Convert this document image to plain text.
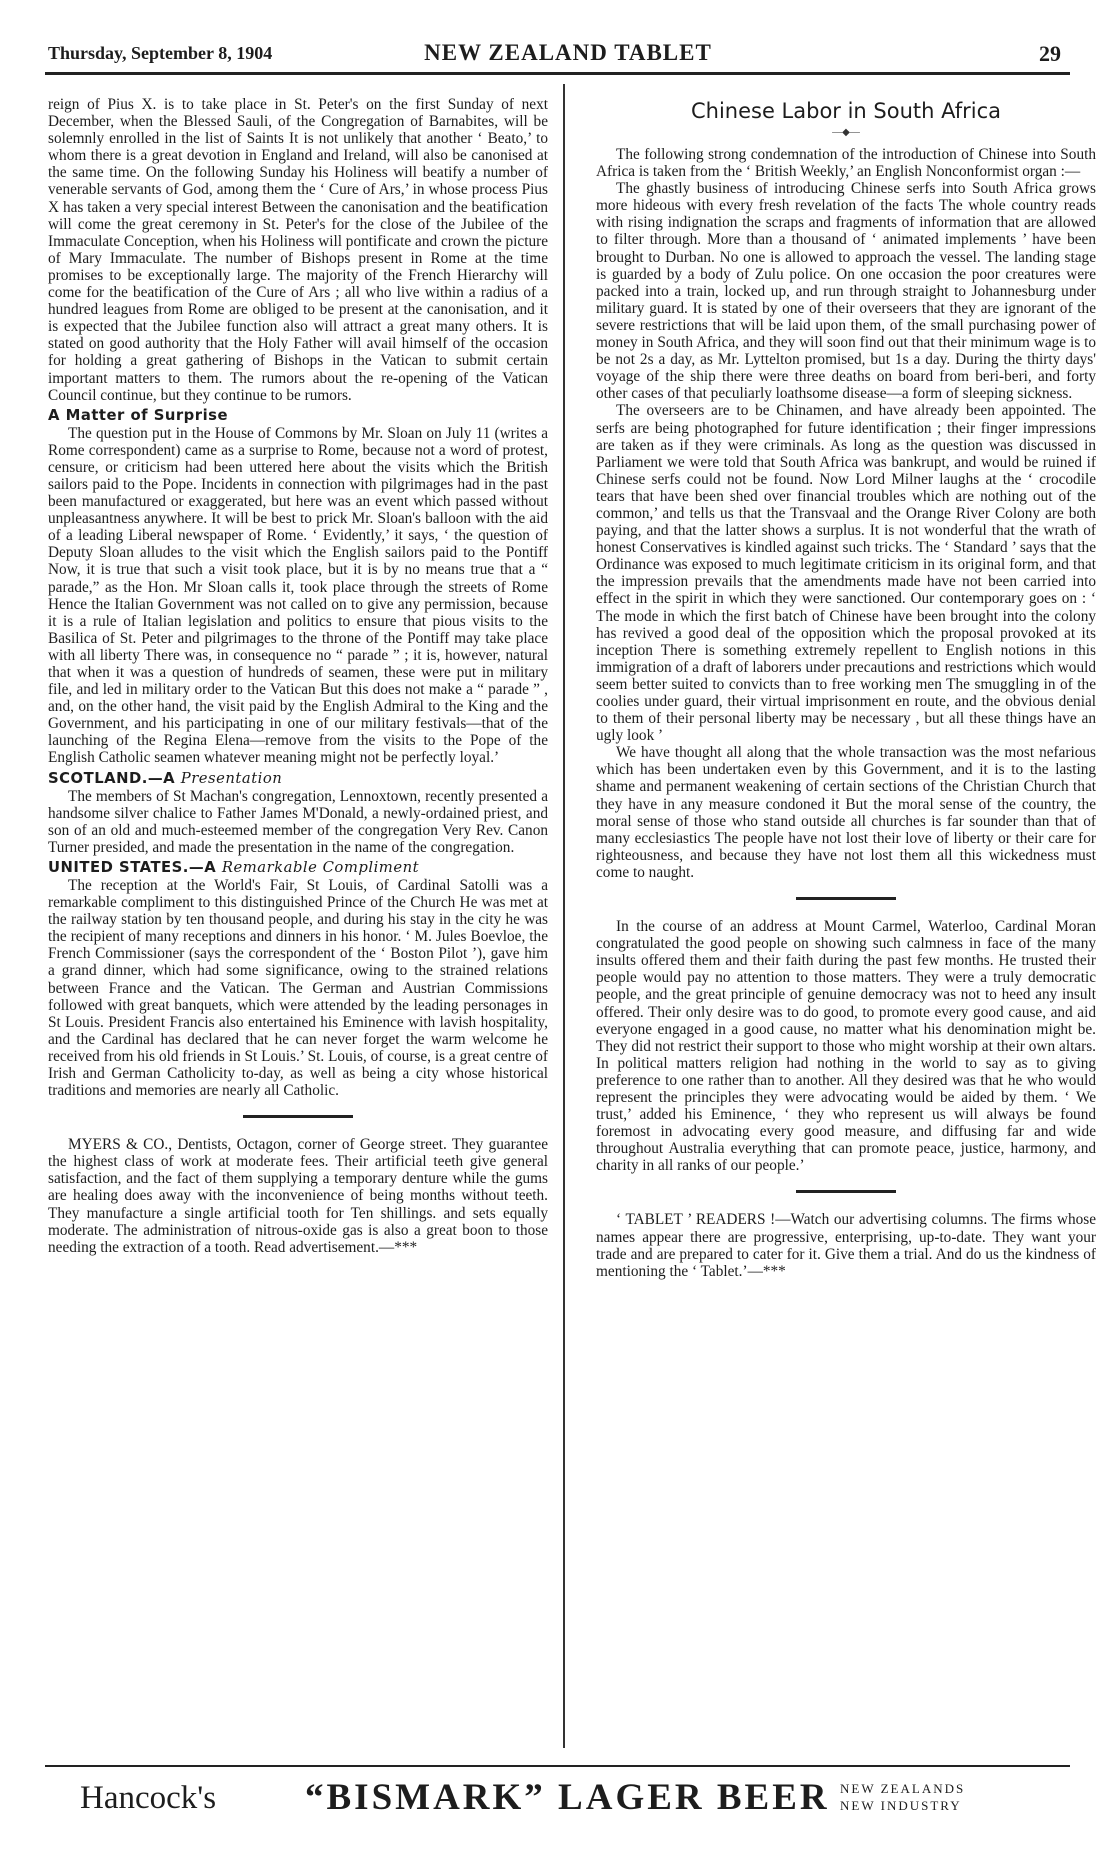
Thursday, September 8, 1904	NEW ZEALAND TABLET	29

reign of Pius X. is to take place in St. Peter's on the first Sunday of next December, when the Blessed Sauli, of the Congregation of Barnabites, will be solemnly enrolled in the list of Saints It is not unlikely that another ‘ Beato,’ to whom there is a great devotion in England and Ireland, will also be canonised at the same time. On the following Sunday his Holiness will beatify a number of venerable servants of God, among them the ‘ Cure of Ars,’ in whose process Pius X has taken a very special interest Between the canonisation and the beatification will come the great ceremony in St. Peter's for the close of the Jubilee of the Immaculate Conception, when his Holiness will pontificate and crown the picture of Mary Immaculate. The number of Bishops present in Rome at the time promises to be exceptionally large. The majority of the French Hierarchy will come for the beatification of the Cure of Ars ; all who live within a radius of a hundred leagues from Rome are obliged to be present at the canonisation, and it is expected that the Jubilee function also will attract a great many others. It is stated on good authority that the Holy Father will avail himself of the occasion for holding a great gathering of Bishops in the Vatican to submit certain important matters to them. The rumors about the re-opening of the Vatican Council continue, but they continue to be rumors.

A Matter of Surprise

The question put in the House of Commons by Mr. Sloan on July 11 (writes a Rome correspondent) came as a surprise to Rome, because not a word of protest, censure, or criticism had been uttered here about the visits which the British sailors paid to the Pope. Incidents in connection with pilgrimages had in the past been manufactured or exaggerated, but here was an event which passed without unpleasantness anywhere. It will be best to prick Mr. Sloan's balloon with the aid of a leading Liberal newspaper of Rome. ‘ Evidently,’ it says, ‘ the question of Deputy Sloan alludes to the visit which the English sailors paid to the Pontiff Now, it is true that such a visit took place, but it is by no means true that a “ parade,” as the Hon. Mr Sloan calls it, took place through the streets of Rome Hence the Italian Government was not called on to give any permission, because it is a rule of Italian legislation and politics to ensure that pious visits to the Basilica of St. Peter and pilgrimages to the throne of the Pontiff may take place with all liberty There was, in consequence no “ parade ” ; it is, however, natural that when it was a question of hundreds of seamen, these were put in military file, and led in military order to the Vatican But this does not make a “ parade ” , and, on the other hand, the visit paid by the English Admiral to the King and the Government, and his participating in one of our military festivals—that of the launching of the Regina Elena—remove from the visits to the Pope of the English Catholic seamen whatever meaning might not be perfectly loyal.’

SCOTLAND.—A Presentation

The members of St Machan's congregation, Lennoxtown, recently presented a handsome silver chalice to Father James M'Donald, a newly-ordained priest, and son of an old and much-esteemed member of the congregation Very Rev. Canon Turner presided, and made the presentation in the name of the congregation.

UNITED STATES.—A Remarkable Compliment

The reception at the World's Fair, St Louis, of Cardinal Satolli was a remarkable compliment to this distinguished Prince of the Church He was met at the railway station by ten thousand people, and during his stay in the city he was the recipient of many receptions and dinners in his honor. ‘ M. Jules Boevloe, the French Commissioner (says the correspondent of the ‘ Boston Pilot ’), gave him a grand dinner, which had some significance, owing to the strained relations between France and the Vatican. The German and Austrian Commissions followed with great banquets, which were attended by the leading personages in St Louis. President Francis also entertained his Eminence with lavish hospitality, and the Cardinal has declared that he can never forget the warm welcome he received from his old friends in St Louis.’ St. Louis, of course, is a great centre of Irish and German Catholicity to-day, as well as being a city whose historical traditions and memories are nearly all Catholic.

MYERS & CO., Dentists, Octagon, corner of George street. They guarantee the highest class of work at moderate fees. Their artificial teeth give general satisfaction, and the fact of them supplying a temporary denture while the gums are healing does away with the inconvenience of being months without teeth. They manufacture a single artificial tooth for Ten shillings. and sets equally moderate. The administration of nitrous-oxide gas is also a great boon to those needing the extraction of a tooth. Read advertisement.—***

Chinese Labor in South Africa
—◆—

The following strong condemnation of the introduction of Chinese into South Africa is taken from the ‘ British Weekly,’ an English Nonconformist organ :—

The ghastly business of introducing Chinese serfs into South Africa grows more hideous with every fresh revelation of the facts The whole country reads with rising indignation the scraps and fragments of information that are allowed to filter through. More than a thousand of ‘ animated implements ’ have been brought to Durban. No one is allowed to approach the vessel. The landing stage is guarded by a body of Zulu police. On one occasion the poor creatures were packed into a train, locked up, and run through straight to Johannesburg under military guard. It is stated by one of their overseers that they are ignorant of the severe restrictions that will be laid upon them, of the small purchasing power of money in South Africa, and they will soon find out that their minimum wage is to be not 2s a day, as Mr. Lyttelton promised, but 1s a day. During the thirty days' voyage of the ship there were three deaths on board from beri-beri, and forty other cases of that peculiarly loathsome disease—a form of sleeping sickness.

The overseers are to be Chinamen, and have already been appointed. The serfs are being photographed for future identification ; their finger impressions are taken as if they were criminals. As long as the question was discussed in Parliament we were told that South Africa was bankrupt, and would be ruined if Chinese serfs could not be found. Now Lord Milner laughs at the ‘ crocodile tears that have been shed over financial troubles which are nothing out of the common,’ and tells us that the Transvaal and the Orange River Colony are both paying, and that the latter shows a surplus. It is not wonderful that the wrath of honest Conservatives is kindled against such tricks. The ‘ Standard ’ says that the Ordinance was exposed to much legitimate criticism in its original form, and that the impression prevails that the amendments made have not been carried into effect in the spirit in which they were sanctioned. Our contemporary goes on : ‘ The mode in which the first batch of Chinese have been brought into the colony has revived a good deal of the opposition which the proposal provoked at its inception There is something extremely repellent to English notions in this immigration of a draft of laborers under precautions and restrictions which would seem better suited to convicts than to free working men The smuggling in of the coolies under guard, their virtual imprisonment en route, and the obvious denial to them of their personal liberty may be necessary , but all these things have an ugly look ’

We have thought all along that the whole transaction was the most nefarious which has been undertaken even by this Government, and it is to the lasting shame and permanent weakening of certain sections of the Christian Church that they have in any measure condoned it But the moral sense of the country, the moral sense of those who stand outside all churches is far sounder than that of many ecclesiastics The people have not lost their love of liberty or their care for righteousness, and because they have not lost them all this wickedness must come to naught.

In the course of an address at Mount Carmel, Waterloo, Cardinal Moran congratulated the good people on showing such calmness in face of the many insults offered them and their faith during the past few months. He trusted their people would pay no attention to those matters. They were a truly democratic people, and the great principle of genuine democracy was not to heed any insult offered. Their only desire was to do good, to promote every good cause, and aid everyone engaged in a good cause, no matter what his denomination might be. They did not restrict their support to those who might worship at their own altars. In political matters religion had nothing in the world to say as to giving preference to one rather than to another. All they desired was that he who would represent the principles they were advocating would be aided by them. ‘ We trust,’ added his Eminence, ‘ they who represent us will always be found foremost in advocating every good measure, and diffusing far and wide throughout Australia everything that can promote peace, justice, harmony, and charity in all ranks of our people.’

‘ TABLET ’ READERS !—Watch our advertising columns. The firms whose names appear there are progressive, enterprising, up-to-date. They want your trade and are prepared to cater for it. Give them a trial. And do us the kindness of mentioning the ‘ Tablet.’—***

Hancock's “BISMARK” LAGER BEER NEW ZEALANDS
NEW INDUSTRY
